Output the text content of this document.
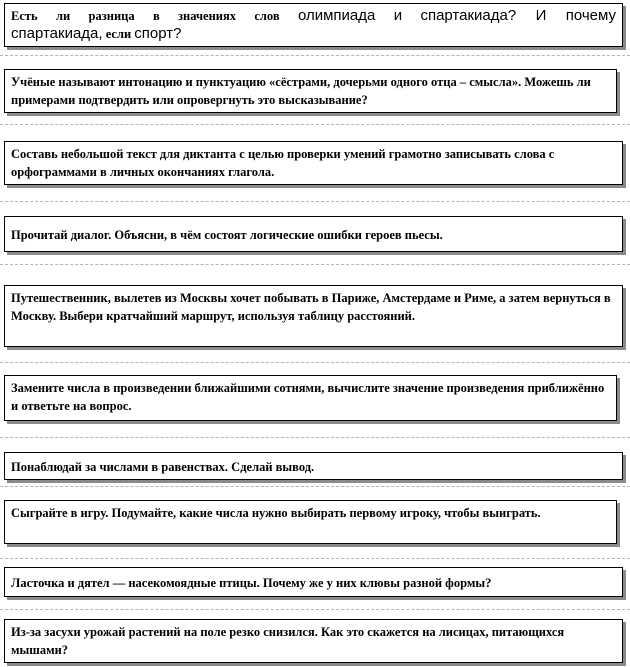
Есть ли разница в значениях слов олимпиада и спартакиада? И почему

спартакиада, если спорт?

Учёные называют интонацию и пунктуацию «сёстрами, дочерьми одного отца – смысла». Можешь ли примерами подтвердить или опровергнуть это высказывание?

Составь небольшой текст для диктанта с целью проверки умений грамотно записывать слова с орфограммами в личных окончаниях глагола.

Прочитай диалог. Объясни, в чём состоят логические ошибки героев пьесы.

Путешественник, вылетев из Москвы хочет побывать в Париже, Амстердаме и Риме, а затем вернуться в Москву. Выбери кратчайший маршрут, используя таблицу расстояний.

Замените числа в произведении ближайшими сотнями, вычислите значение произведения приближённо и ответьте на вопрос.

Понаблюдай за числами в равенствах. Сделай вывод.

Сыграйте в игру. Подумайте, какие числа нужно выбирать первому игроку, чтобы выиграть.

Ласточка и дятел — насекомоядные птицы. Почему же у них клювы разной формы?

Из-за засухи урожай растений на поле резко снизился. Как это скажется на лисицах, питающихся мышами?
